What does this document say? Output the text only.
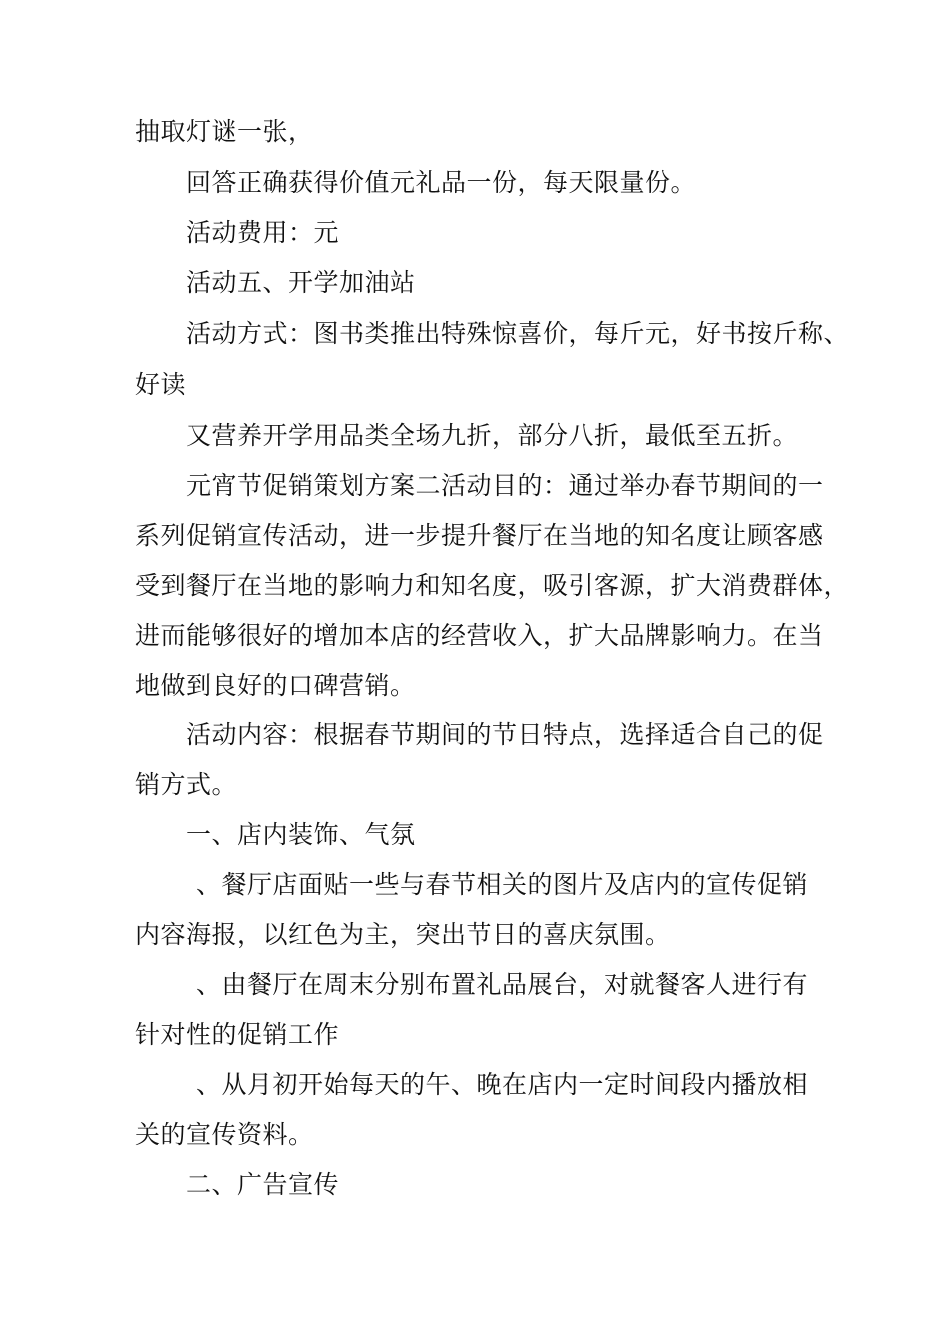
抽取灯谜一张，
回答正确获得价值元礼品一份，每天限量份。
活动费用：元
活动五、开学加油站
活动方式：图书类推出特殊惊喜价，每斤元，好书按斤称、
好读
又营养开学用品类全场九折，部分八折，最低至五折。
元宵节促销策划方案二活动目的：通过举办春节期间的一
系列促销宣传活动，进一步提升餐厅在当地的知名度让顾客感
受到餐厅在当地的影响力和知名度，吸引客源，扩大消费群体，
进而能够很好的增加本店的经营收入，扩大品牌影响力。在当
地做到良好的口碑营销。
活动内容：根据春节期间的节日特点，选择适合自己的促
销方式。
一、店内装饰、气氛
、餐厅店面贴一些与春节相关的图片及店内的宣传促销
内容海报，以红色为主，突出节日的喜庆氛围。
、由餐厅在周末分别布置礼品展台，对就餐客人进行有
针对性的促销工作
、从月初开始每天的午、晚在店内一定时间段内播放相
关的宣传资料。
二、广告宣传
